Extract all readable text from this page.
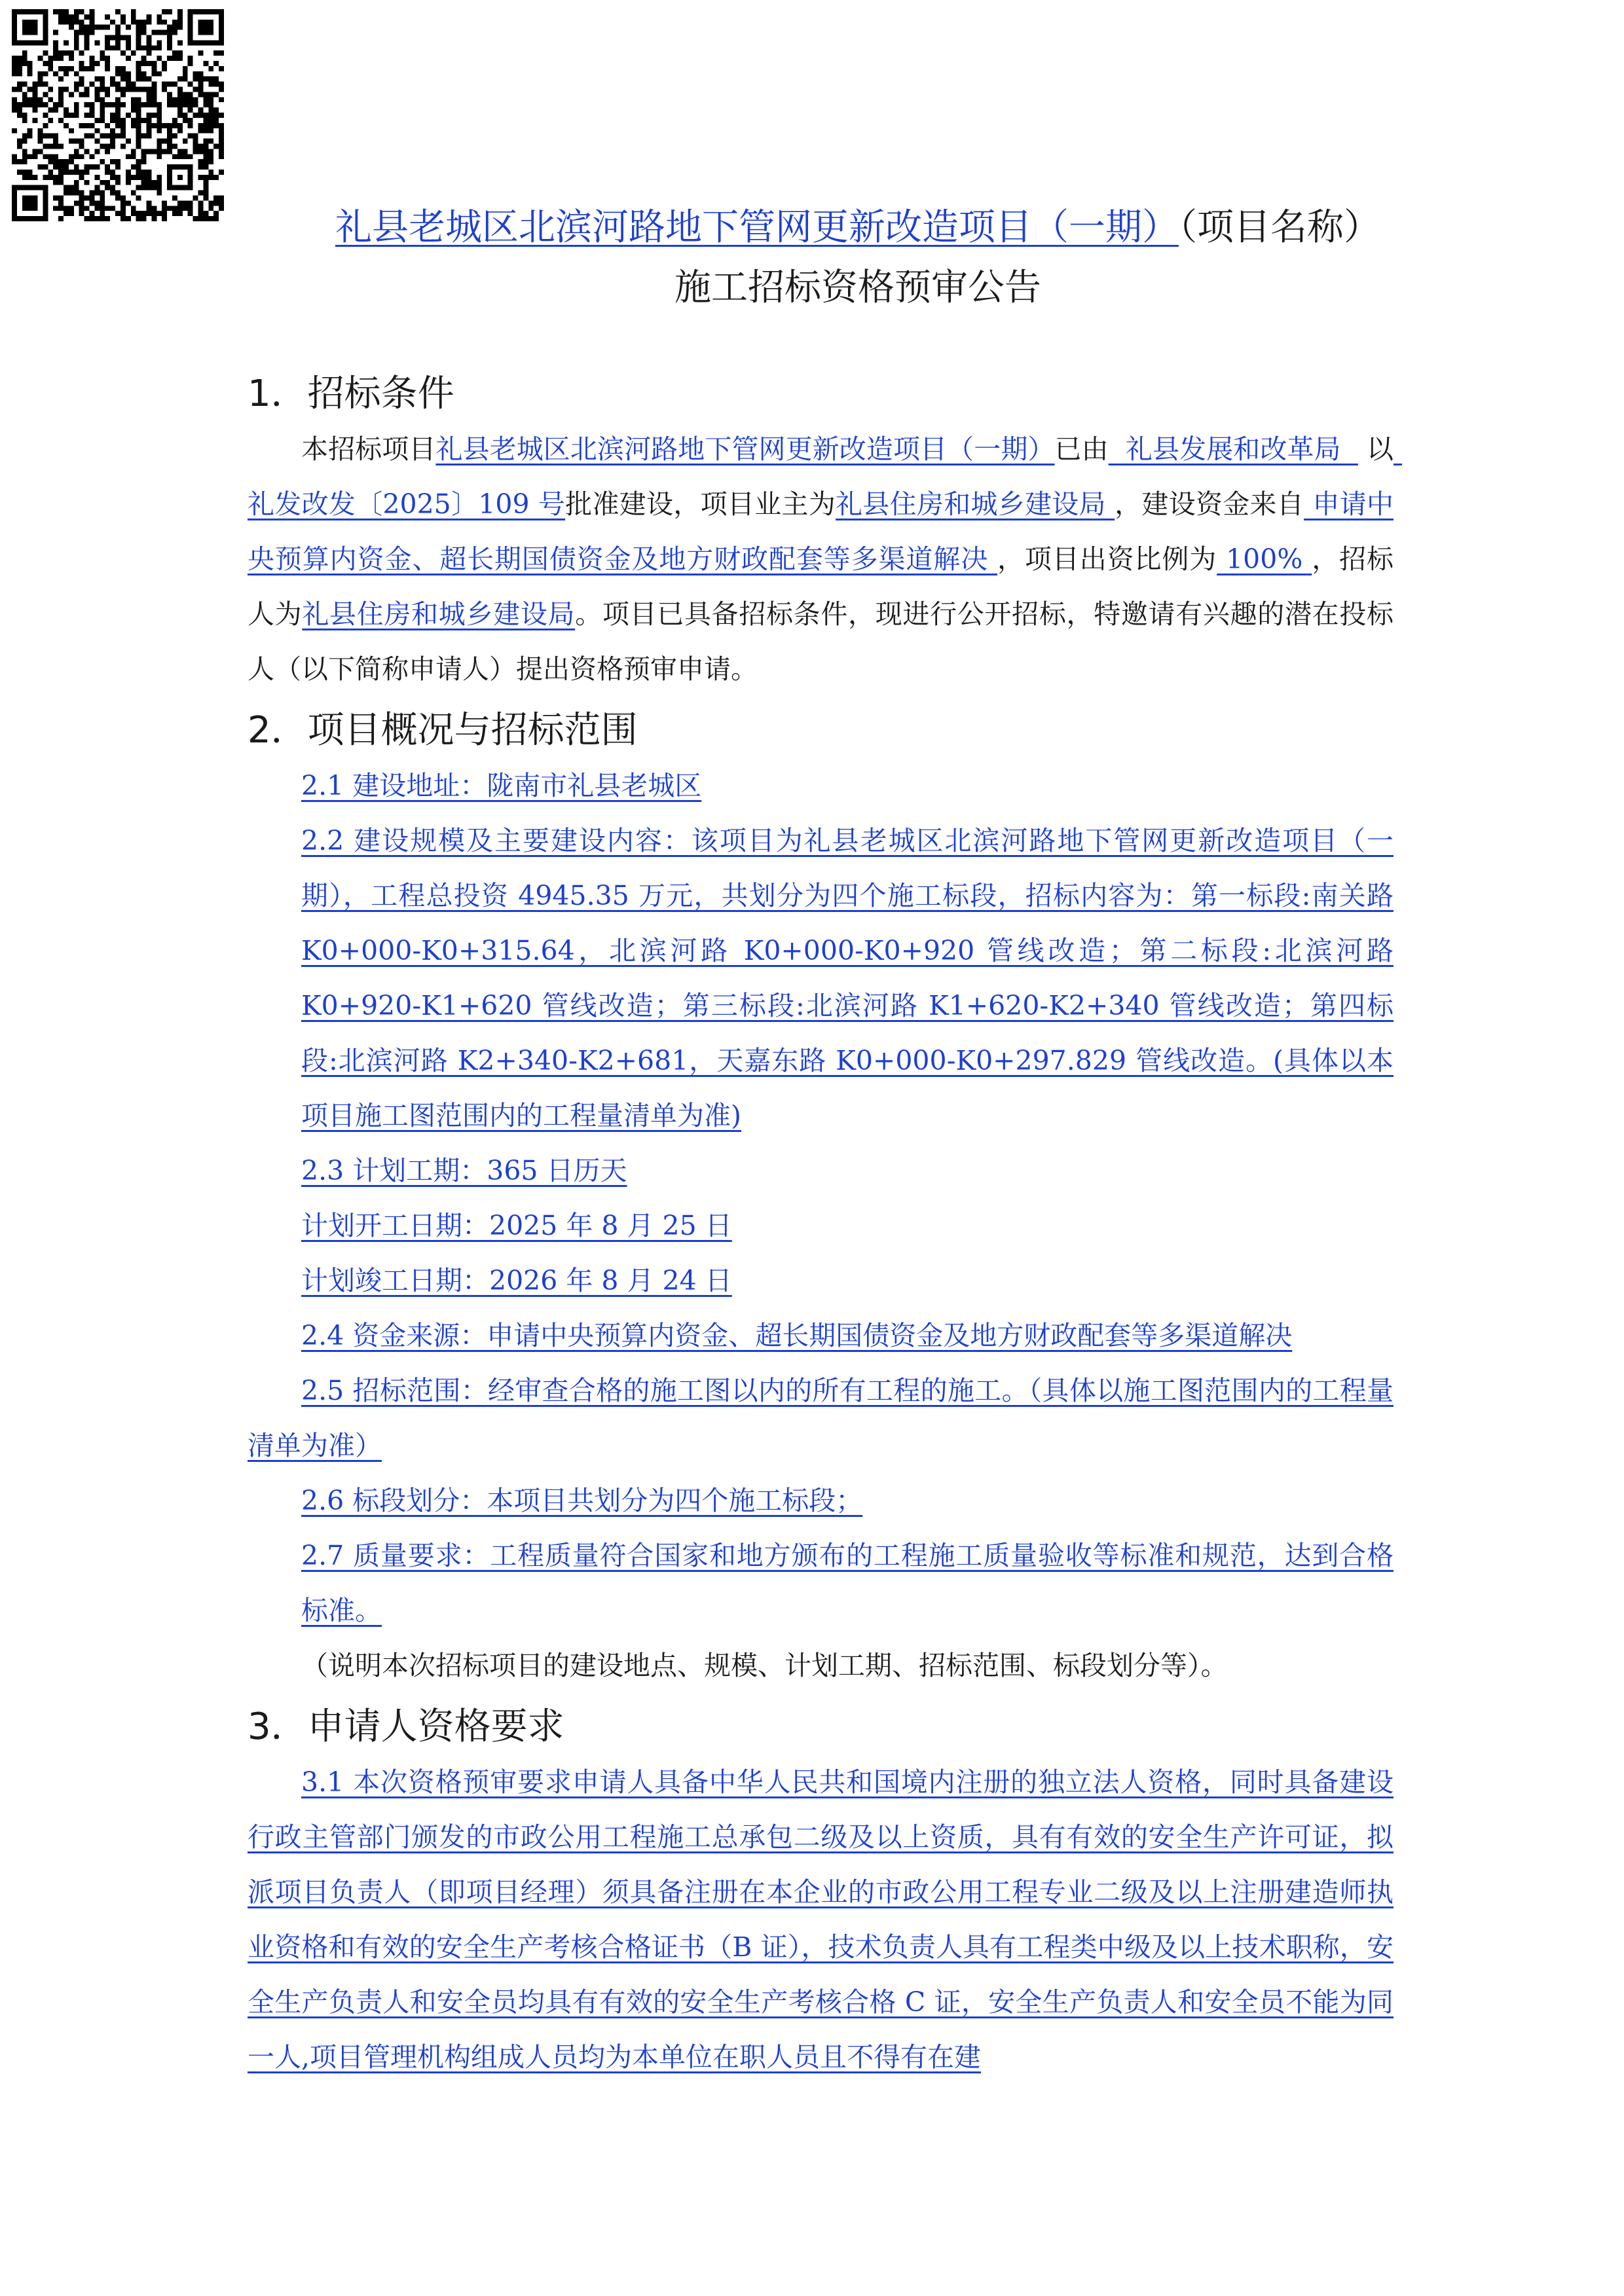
礼县老城区北滨河路地下管网更新改造项目（一期）（项目名称）
施工招标资格预审公告
1．招标条件

本招标项目礼县老城区北滨河路地下管网更新改造项目（一期）已由  礼县发展和改革局   以 礼发改发〔2025〕109 号批准建设，项目业主为礼县住房和城乡建设局 ，建设资金来自 申请中央预算内资金、超长期国债资金及地方财政配套等多渠道解决 ，项目出资比例为 100% ，招标人为礼县住房和城乡建设局。项目已具备招标条件，现进行公开招标，特邀请有兴趣的潜在投标人（以下简称申请人）提出资格预审申请。

2．项目概况与招标范围

2.1 建设地址：陇南市礼县老城区

2.2 建设规模及主要建设内容：该项目为礼县老城区北滨河路地下管网更新改造项目（一期），工程总投资 4945.35 万元，共划分为四个施工标段，招标内容为：第一标段:南关路 K0+000-K0+315.64，北滨河路 K0+000-K0+920 管线改造；第二标段:北滨河路 K0+920-K1+620 管线改造；第三标段:北滨河路 K1+620-K2+340 管线改造；第四标段:北滨河路 K2+340-K2+681，天嘉东路 K0+000-K0+297.829 管线改造。(具体以本项目施工图范围内的工程量清单为准)

2.3 计划工期：365 日历天

计划开工日期：2025 年 8 月 25 日

计划竣工日期：2026 年 8 月 24 日

2.4 资金来源：申请中央预算内资金、超长期国债资金及地方财政配套等多渠道解决

2.5 招标范围：经审查合格的施工图以内的所有工程的施工。（具体以施工图范围内的工程量清单为准）

2.6 标段划分：本项目共划分为四个施工标段；

2.7 质量要求：工程质量符合国家和地方颁布的工程施工质量验收等标准和规范，达到合格标准。

（说明本次招标项目的建设地点、规模、计划工期、招标范围、标段划分等）。

3．申请人资格要求

3.1 本次资格预审要求申请人具备中华人民共和国境内注册的独立法人资格，同时具备建设行政主管部门颁发的市政公用工程施工总承包二级及以上资质，具有有效的安全生产许可证，拟派项目负责人（即项目经理）须具备注册在本企业的市政公用工程专业二级及以上注册建造师执业资格和有效的安全生产考核合格证书（B 证），技术负责人具有工程类中级及以上技术职称，安全生产负责人和安全员均具有有效的安全生产考核合格 C 证，安全生产负责人和安全员不能为同一人,项目管理机构组成人员均为本单位在职人员且不得有在建
